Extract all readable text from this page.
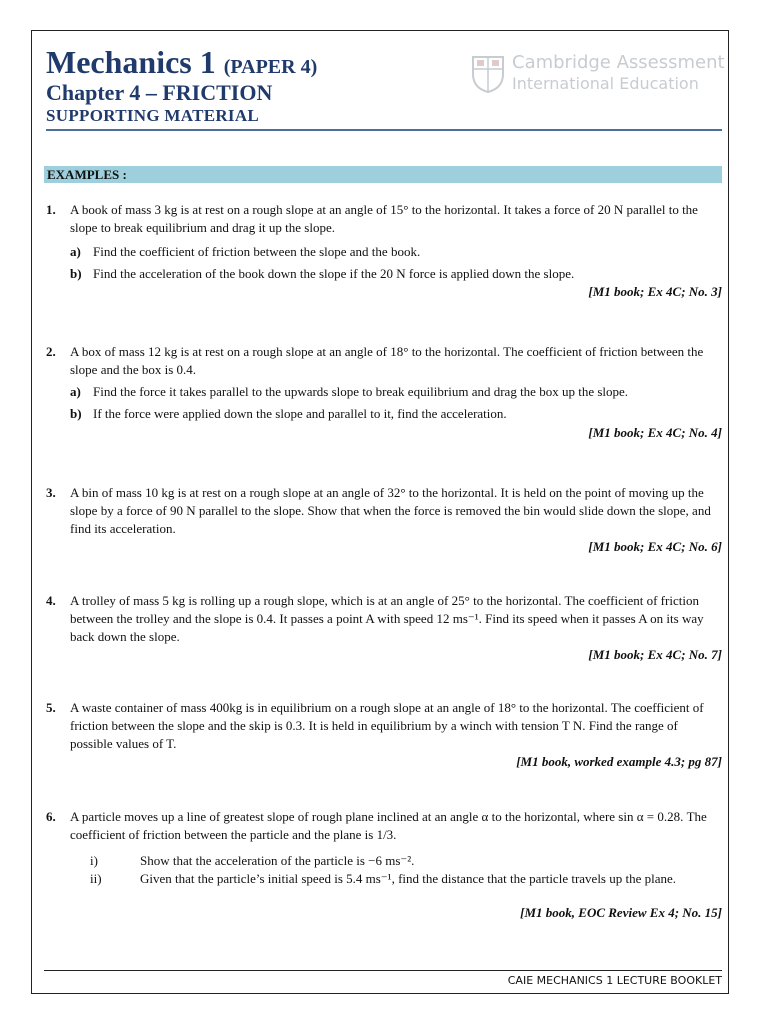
Mechanics 1 (PAPER 4)
Chapter 4 – FRICTION
SUPPORTING MATERIAL
Cambridge Assessment
International Education
EXAMPLES :
1. A book of mass 3 kg is at rest on a rough slope at an angle of 15° to the horizontal. It takes a force of 20 N parallel to the slope to break equilibrium and drag it up the slope.
a) Find the coefficient of friction between the slope and the book.
b) Find the acceleration of the book down the slope if the 20 N force is applied down the slope.
[M1 book; Ex 4C; No. 3]
2. A box of mass 12 kg is at rest on a rough slope at an angle of 18° to the horizontal. The coefficient of friction between the slope and the box is 0.4.
a) Find the force it takes parallel to the upwards slope to break equilibrium and drag the box up the slope.
b) If the force were applied down the slope and parallel to it, find the acceleration.
[M1 book; Ex 4C; No. 4]
3. A bin of mass 10 kg is at rest on a rough slope at an angle of 32° to the horizontal. It is held on the point of moving up the slope by a force of 90 N parallel to the slope. Show that when the force is removed the bin would slide down the slope, and find its acceleration.
[M1 book; Ex 4C; No. 6]
4. A trolley of mass 5 kg is rolling up a rough slope, which is at an angle of 25° to the horizontal. The coefficient of friction between the trolley and the slope is 0.4. It passes a point A with speed 12 ms⁻¹. Find its speed when it passes A on its way back down the slope.
[M1 book; Ex 4C; No. 7]
5. A waste container of mass 400kg is in equilibrium on a rough slope at an angle of 18° to the horizontal. The coefficient of friction between the slope and the skip is 0.3. It is held in equilibrium by a winch with tension T N. Find the range of possible values of T.
[M1 book, worked example 4.3; pg 87]
6. A particle moves up a line of greatest slope of rough plane inclined at an angle α to the horizontal, where sin α = 0.28. The coefficient of friction between the particle and the plane is 1/3.
i)	Show that the acceleration of the particle is −6 ms⁻².
ii)	Given that the particle’s initial speed is 5.4 ms⁻¹, find the distance that the particle travels up the plane.
[M1 book, EOC Review Ex 4; No. 15]
CAIE MECHANICS 1 LECTURE BOOKLET
